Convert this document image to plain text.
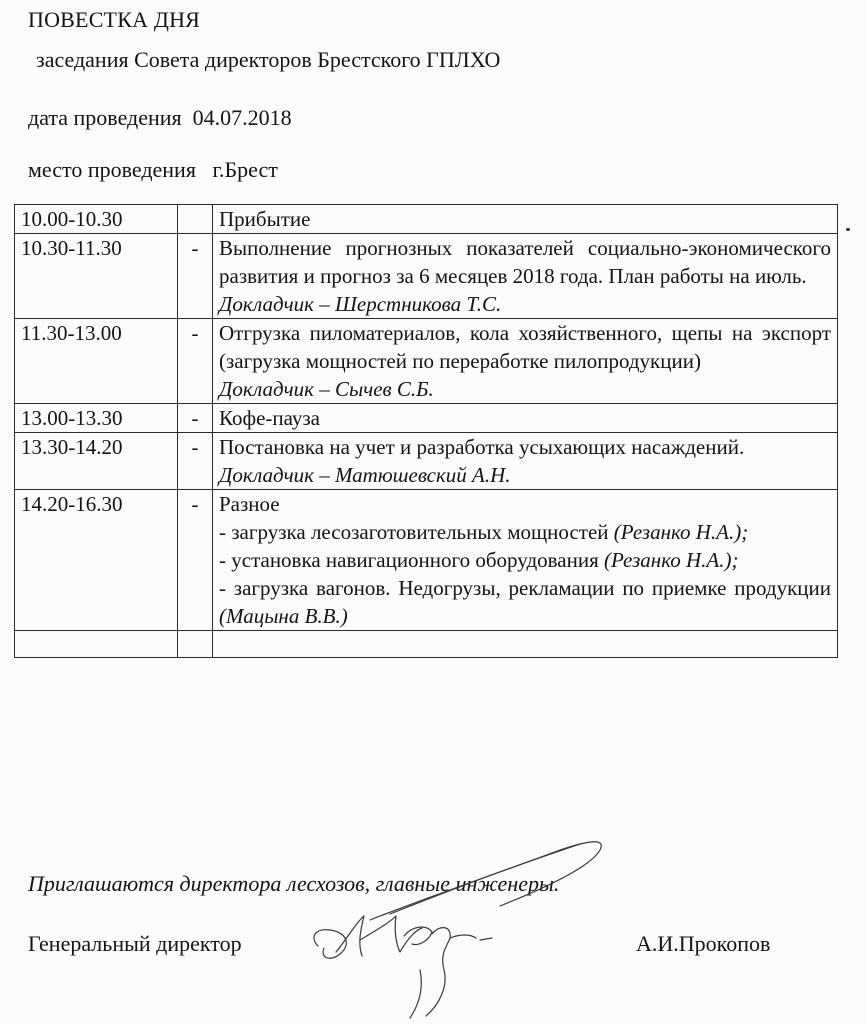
ПОВЕСТКА ДНЯ
заседания Совета директоров Брестского ГПЛХО
дата проведения  04.07.2018
место проведения   г.Брест
10.00-10.30		Прибытие

10.30-11.30	-	Выполнение прогнозных показателей социально-экономического развития и прогноз за 6 месяцев 2018 года. План работы на июль.
Докладчик – Шерстникова Т.С.

11.30-13.00	-	Отгрузка пиломатериалов, кола хозяйственного, щепы на экспорт (загрузка мощностей по переработке пилопродукции)
Докладчик – Сычев С.Б.

13.00-13.30	-	Кофе-пауза

13.30-14.20	-	Постановка на учет и разработка усыхающих насаждений.
Докладчик – Матюшевский А.Н.

14.20-16.30	-	Разное
- загрузка лесозаготовительных мощностей (Резанко Н.А.);
- установка навигационного оборудования (Резанко Н.А.);
- загрузка вагонов. Недогрузы, рекламации по приемке продукции (Мацына В.В.)

Приглашаются директора лесхозов, главные инженеры.
Генеральный директор	А.И.Прокопов
